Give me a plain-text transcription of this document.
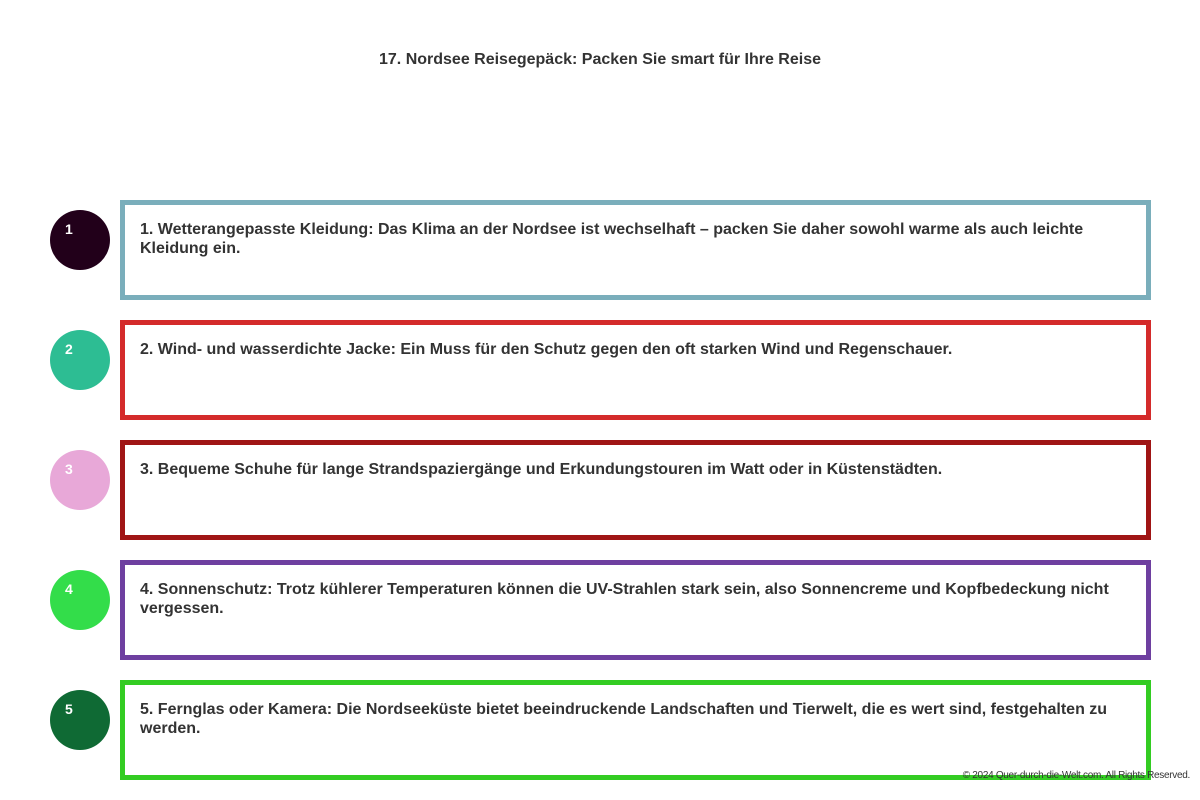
17. Nordsee Reisegepäck: Packen Sie smart für Ihre Reise
1	1. Wetterangepasste Kleidung: Das Klima an der Nordsee ist wechselhaft – packen Sie daher sowohl warme als auch leichte Kleidung ein.
2	2. Wind- und wasserdichte Jacke: Ein Muss für den Schutz gegen den oft starken Wind und Regenschauer.
3	3. Bequeme Schuhe für lange Strandspaziergänge und Erkundungstouren im Watt oder in Küstenstädten.
4	4. Sonnenschutz: Trotz kühlerer Temperaturen können die UV-Strahlen stark sein, also Sonnencreme und Kopfbedeckung nicht vergessen.
5	5. Fernglas oder Kamera: Die Nordseeküste bietet beeindruckende Landschaften und Tierwelt, die es wert sind, festgehalten zu werden.
© 2024 Quer-durch-die-Welt.com. All Rights Reserved.
